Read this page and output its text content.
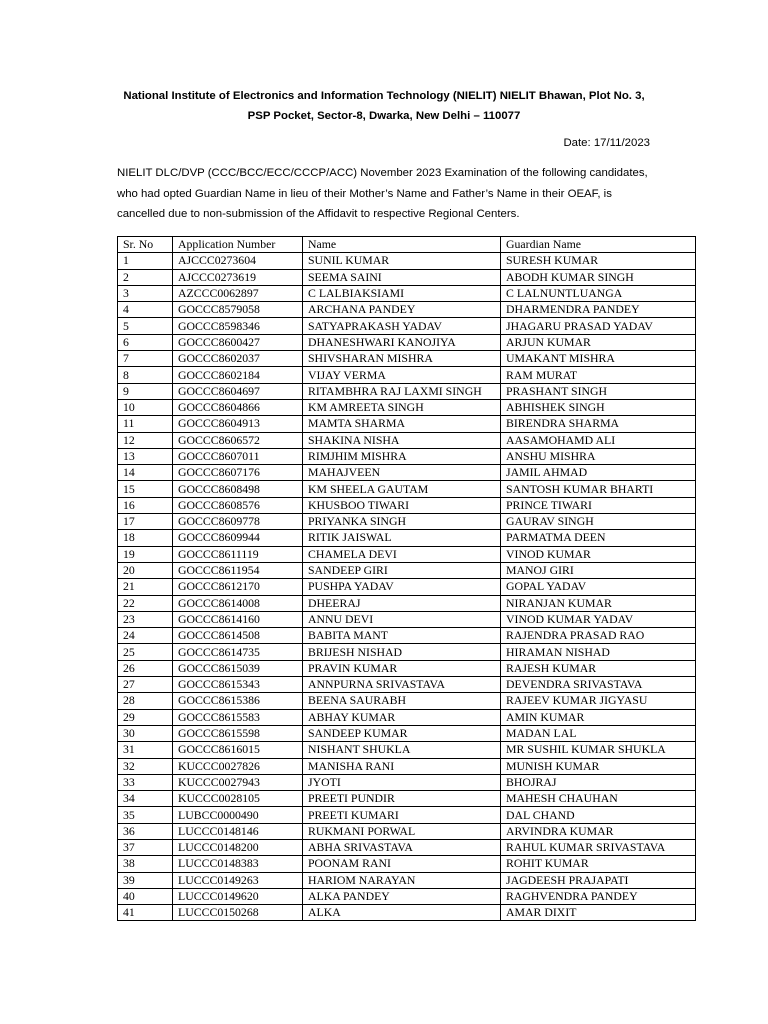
National Institute of Electronics and Information Technology (NIELIT) NIELIT Bhawan, Plot No. 3,
PSP Pocket, Sector-8, Dwarka, New Delhi – 110077
Date: 17/11/2023
NIELIT DLC/DVP (CCC/BCC/ECC/CCCP/ACC) November 2023 Examination of the following candidates,
who had opted Guardian Name in lieu of their Mother’s Name and Father’s Name in their OEAF, is
cancelled due to non-submission of the Affidavit to respective Regional Centers.
Sr. No	Application Number	Name	Guardian Name
1	AJCCC0273604	SUNIL KUMAR	SURESH KUMAR
2	AJCCC0273619	SEEMA SAINI	ABODH KUMAR SINGH
3	AZCCC0062897	C LALBIAKSIAMI	C LALNUNTLUANGA
4	GOCCC8579058	ARCHANA PANDEY	DHARMENDRA PANDEY
5	GOCCC8598346	SATYAPRAKASH YADAV	JHAGARU PRASAD YADAV
6	GOCCC8600427	DHANESHWARI KANOJIYA	ARJUN KUMAR
7	GOCCC8602037	SHIVSHARAN MISHRA	UMAKANT MISHRA
8	GOCCC8602184	VIJAY VERMA	RAM MURAT
9	GOCCC8604697	RITAMBHRA RAJ LAXMI SINGH	PRASHANT SINGH
10	GOCCC8604866	KM AMREETA SINGH	ABHISHEK SINGH
11	GOCCC8604913	MAMTA SHARMA	BIRENDRA SHARMA
12	GOCCC8606572	SHAKINA NISHA	AASAMOHAMD ALI
13	GOCCC8607011	RIMJHIM MISHRA	ANSHU MISHRA
14	GOCCC8607176	MAHAJVEEN	JAMIL AHMAD
15	GOCCC8608498	KM SHEELA GAUTAM	SANTOSH KUMAR BHARTI
16	GOCCC8608576	KHUSBOO TIWARI	PRINCE TIWARI
17	GOCCC8609778	PRIYANKA SINGH	GAURAV SINGH
18	GOCCC8609944	RITIK JAISWAL	PARMATMA DEEN
19	GOCCC8611119	CHAMELA DEVI	VINOD KUMAR
20	GOCCC8611954	SANDEEP GIRI	MANOJ GIRI
21	GOCCC8612170	PUSHPA YADAV	GOPAL YADAV
22	GOCCC8614008	DHEERAJ	NIRANJAN KUMAR
23	GOCCC8614160	ANNU DEVI	VINOD KUMAR YADAV
24	GOCCC8614508	BABITA MANT	RAJENDRA PRASAD RAO
25	GOCCC8614735	BRIJESH NISHAD	HIRAMAN NISHAD
26	GOCCC8615039	PRAVIN KUMAR	RAJESH KUMAR
27	GOCCC8615343	ANNPURNA SRIVASTAVA	DEVENDRA SRIVASTAVA
28	GOCCC8615386	BEENA SAURABH	RAJEEV KUMAR JIGYASU
29	GOCCC8615583	ABHAY KUMAR	AMIN KUMAR
30	GOCCC8615598	SANDEEP KUMAR	MADAN LAL
31	GOCCC8616015	NISHANT SHUKLA	MR SUSHIL KUMAR SHUKLA
32	KUCCC0027826	MANISHA RANI	MUNISH KUMAR
33	KUCCC0027943	JYOTI	BHOJRAJ
34	KUCCC0028105	PREETI PUNDIR	MAHESH CHAUHAN
35	LUBCC0000490	PREETI KUMARI	DAL CHAND
36	LUCCC0148146	RUKMANI PORWAL	ARVINDRA KUMAR
37	LUCCC0148200	ABHA SRIVASTAVA	RAHUL KUMAR SRIVASTAVA
38	LUCCC0148383	POONAM RANI	ROHIT KUMAR
39	LUCCC0149263	HARIOM NARAYAN	JAGDEESH PRAJAPATI
40	LUCCC0149620	ALKA PANDEY	RAGHVENDRA PANDEY
41	LUCCC0150268	ALKA	AMAR DIXIT
